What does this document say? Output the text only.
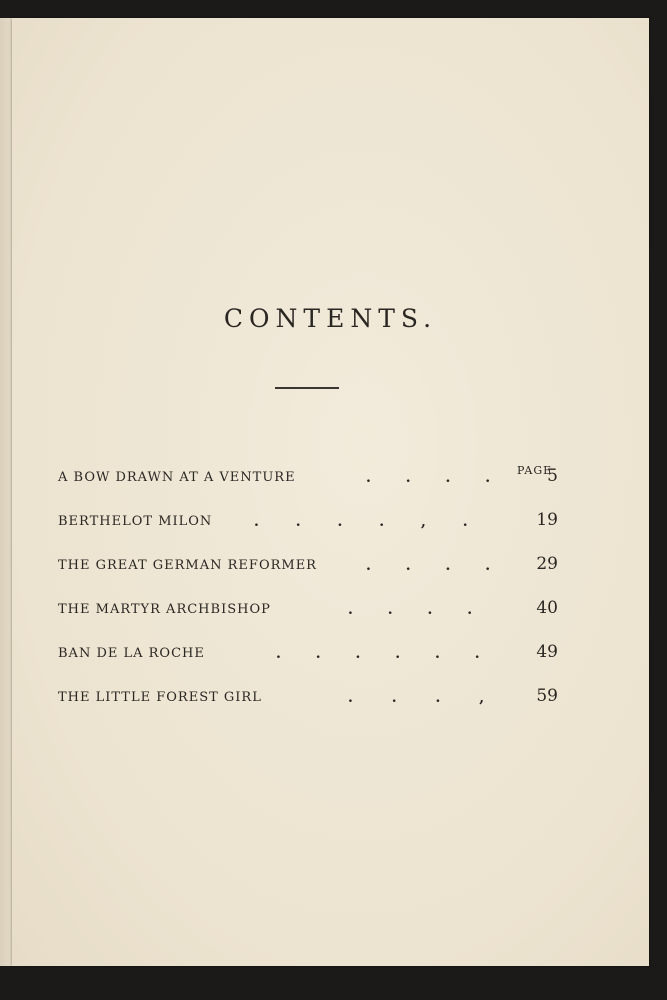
CONTENTS.
PAGE
A BOW DRAWN AT A VENTURE	. . . .	5
BERTHELOT MILON	. . . . , .	19
THE GREAT GERMAN REFORMER	. . . .	29
THE MARTYR ARCHBISHOP	. . . .	40
BAN DE LA ROCHE	. . . . . .	49
THE LITTLE FOREST GIRL	. . . ,	59
